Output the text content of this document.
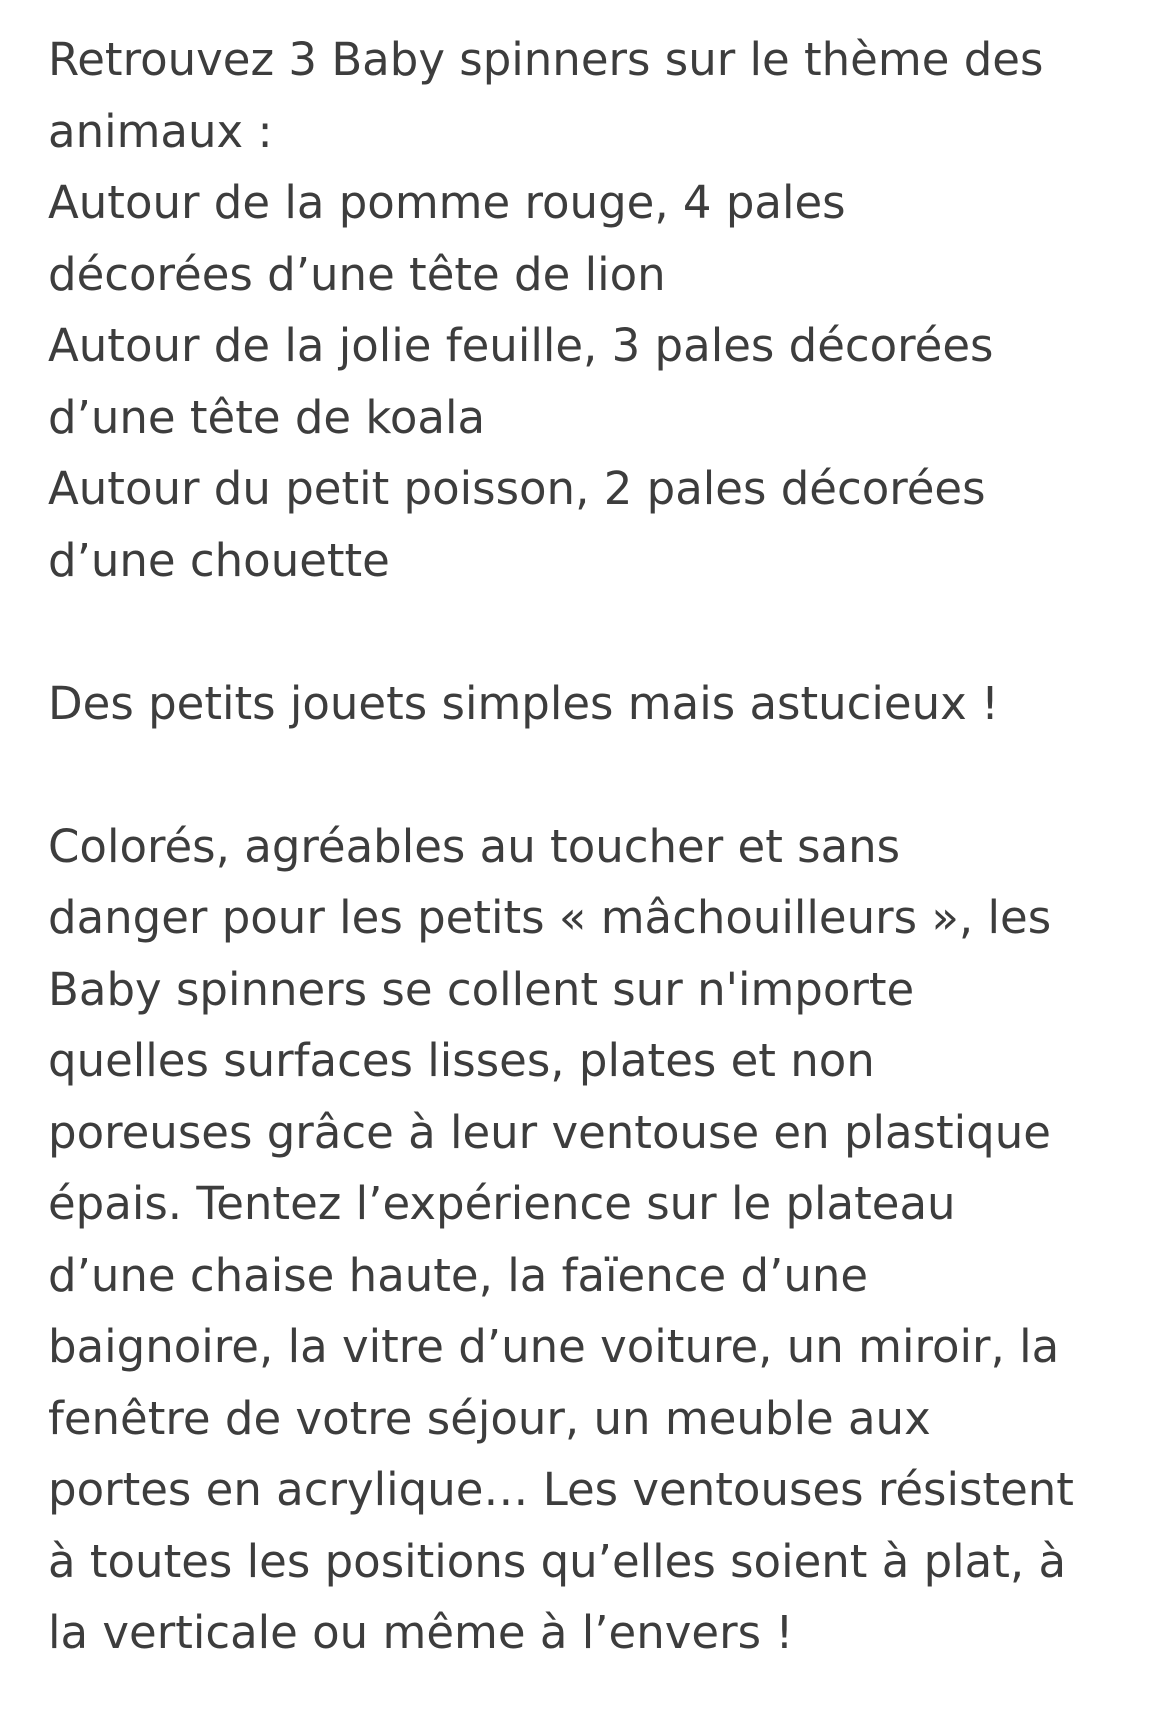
Retrouvez 3 Baby spinners sur le thème des
animaux :
Autour de la pomme rouge, 4 pales
décorées d’une tête de lion
Autour de la jolie feuille, 3 pales décorées
d’une tête de koala
Autour du petit poisson, 2 pales décorées
d’une chouette
Des petits jouets simples mais astucieux !
Colorés, agréables au toucher et sans
danger pour les petits « mâchouilleurs », les
Baby spinners se collent sur n'importe
quelles surfaces lisses, plates et non
poreuses grâce à leur ventouse en plastique
épais. Tentez l’expérience sur le plateau
d’une chaise haute, la faïence d’une
baignoire, la vitre d’une voiture, un miroir, la
fenêtre de votre séjour, un meuble aux
portes en acrylique… Les ventouses résistent
à toutes les positions qu’elles soient à plat, à
la verticale ou même à l’envers !
